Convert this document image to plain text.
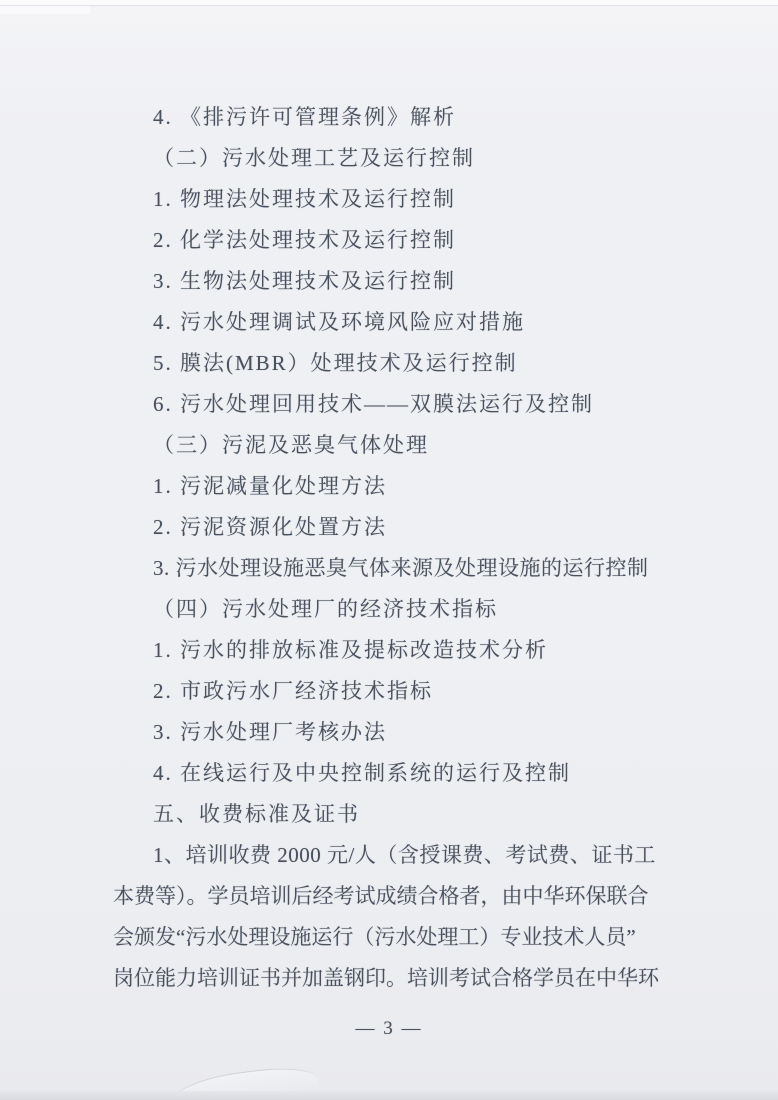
4. 《排污许可管理条例》解析
（二）污水处理工艺及运行控制
1. 物理法处理技术及运行控制
2. 化学法处理技术及运行控制
3. 生物法处理技术及运行控制
4. 污水处理调试及环境风险应对措施
5. 膜法(MBR）处理技术及运行控制
6. 污水处理回用技术——双膜法运行及控制
（三）污泥及恶臭气体处理
1. 污泥减量化处理方法
2. 污泥资源化处置方法
3. 污水处理设施恶臭气体来源及处理设施的运行控制
（四）污水处理厂的经济技术指标
1. 污水的排放标准及提标改造技术分析
2. 市政污水厂经济技术指标
3. 污水处理厂考核办法
4. 在线运行及中央控制系统的运行及控制
五、收费标准及证书
1、培训收费 2000 元/人（含授课费、考试费、证书工
本费等）。学员培训后经考试成绩合格者，由中华环保联合
会颁发“污水处理设施运行（污水处理工）专业技术人员”
岗位能力培训证书并加盖钢印。培训考试合格学员在中华环
— 3 —
